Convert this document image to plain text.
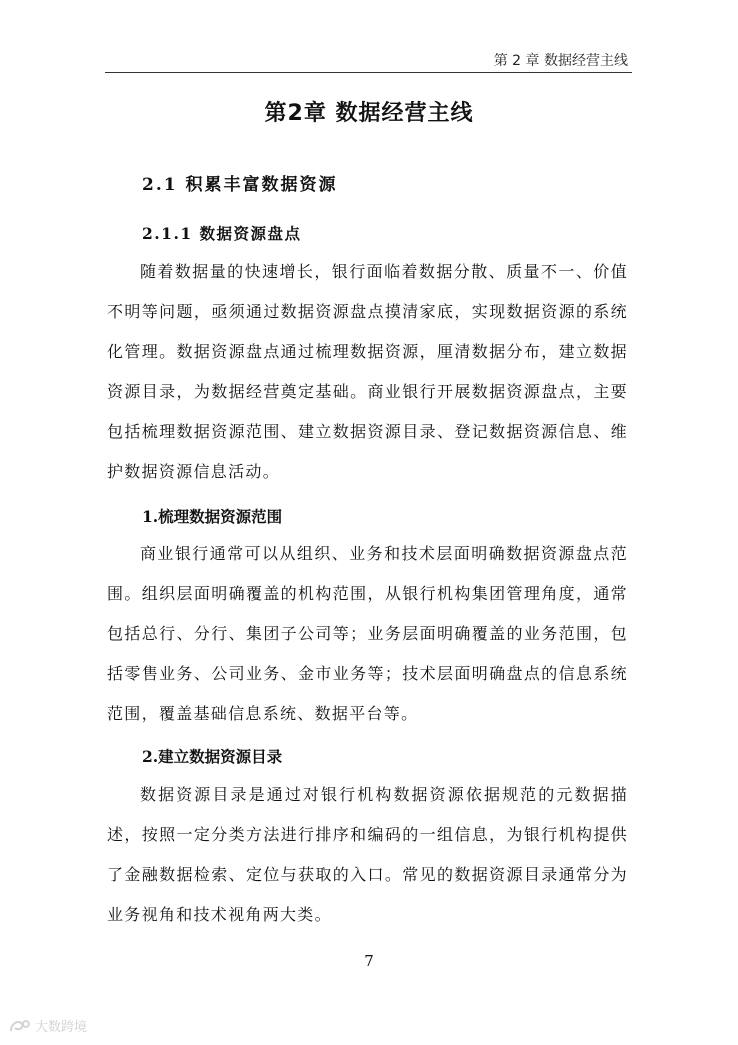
第 2 章 数据经营主线
第2章 数据经营主线
2.1 积累丰富数据资源
2.1.1 数据资源盘点

随着数据量的快速增长，银行面临着数据分散、质量不一、价值不明等问题，亟须通过数据资源盘点摸清家底，实现数据资源的系统化管理。数据资源盘点通过梳理数据资源，厘清数据分布，建立数据资源目录，为数据经营奠定基础。商业银行开展数据资源盘点，主要包括梳理数据资源范围、建立数据资源目录、登记数据资源信息、维护数据资源信息活动。

1.梳理数据资源范围

商业银行通常可以从组织、业务和技术层面明确数据资源盘点范围。组织层面明确覆盖的机构范围，从银行机构集团管理角度，通常包括总行、分行、集团子公司等；业务层面明确覆盖的业务范围，包括零售业务、公司业务、金市业务等；技术层面明确盘点的信息系统范围，覆盖基础信息系统、数据平台等。

2.建立数据资源目录

数据资源目录是通过对银行机构数据资源依据规范的元数据描述，按照一定分类方法进行排序和编码的一组信息，为银行机构提供了金融数据检索、定位与获取的入口。常见的数据资源目录通常分为业务视角和技术视角两大类。

7
大数跨境
